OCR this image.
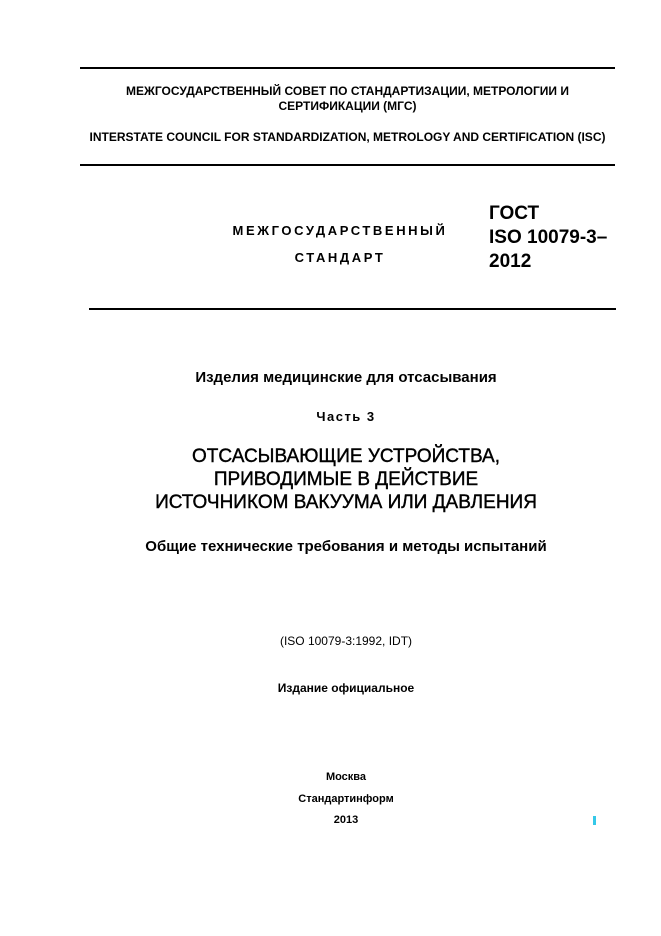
МЕЖГОСУДАРСТВЕННЫЙ СОВЕТ ПО СТАНДАРТИЗАЦИИ, МЕТРОЛОГИИ И СЕРТИФИКАЦИИ (МГС)
INTERSTATE COUNCIL FOR STANDARDIZATION, METROLOGY AND CERTIFICATION (ISC)
МЕЖГОСУДАРСТВЕННЫЙ
СТАНДАРТ
ГОСТ
ISO 10079-3–
2012
Изделия медицинские для отсасывания
Часть 3
ОТСАСЫВАЮЩИЕ УСТРОЙСТВА,
ПРИВОДИМЫЕ В ДЕЙСТВИЕ
ИСТОЧНИКОМ ВАКУУМА ИЛИ ДАВЛЕНИЯ
Общие технические требования и методы испытаний
(ISO 10079-3:1992, IDT)
Издание официальное
Москва
Стандартинформ
2013
